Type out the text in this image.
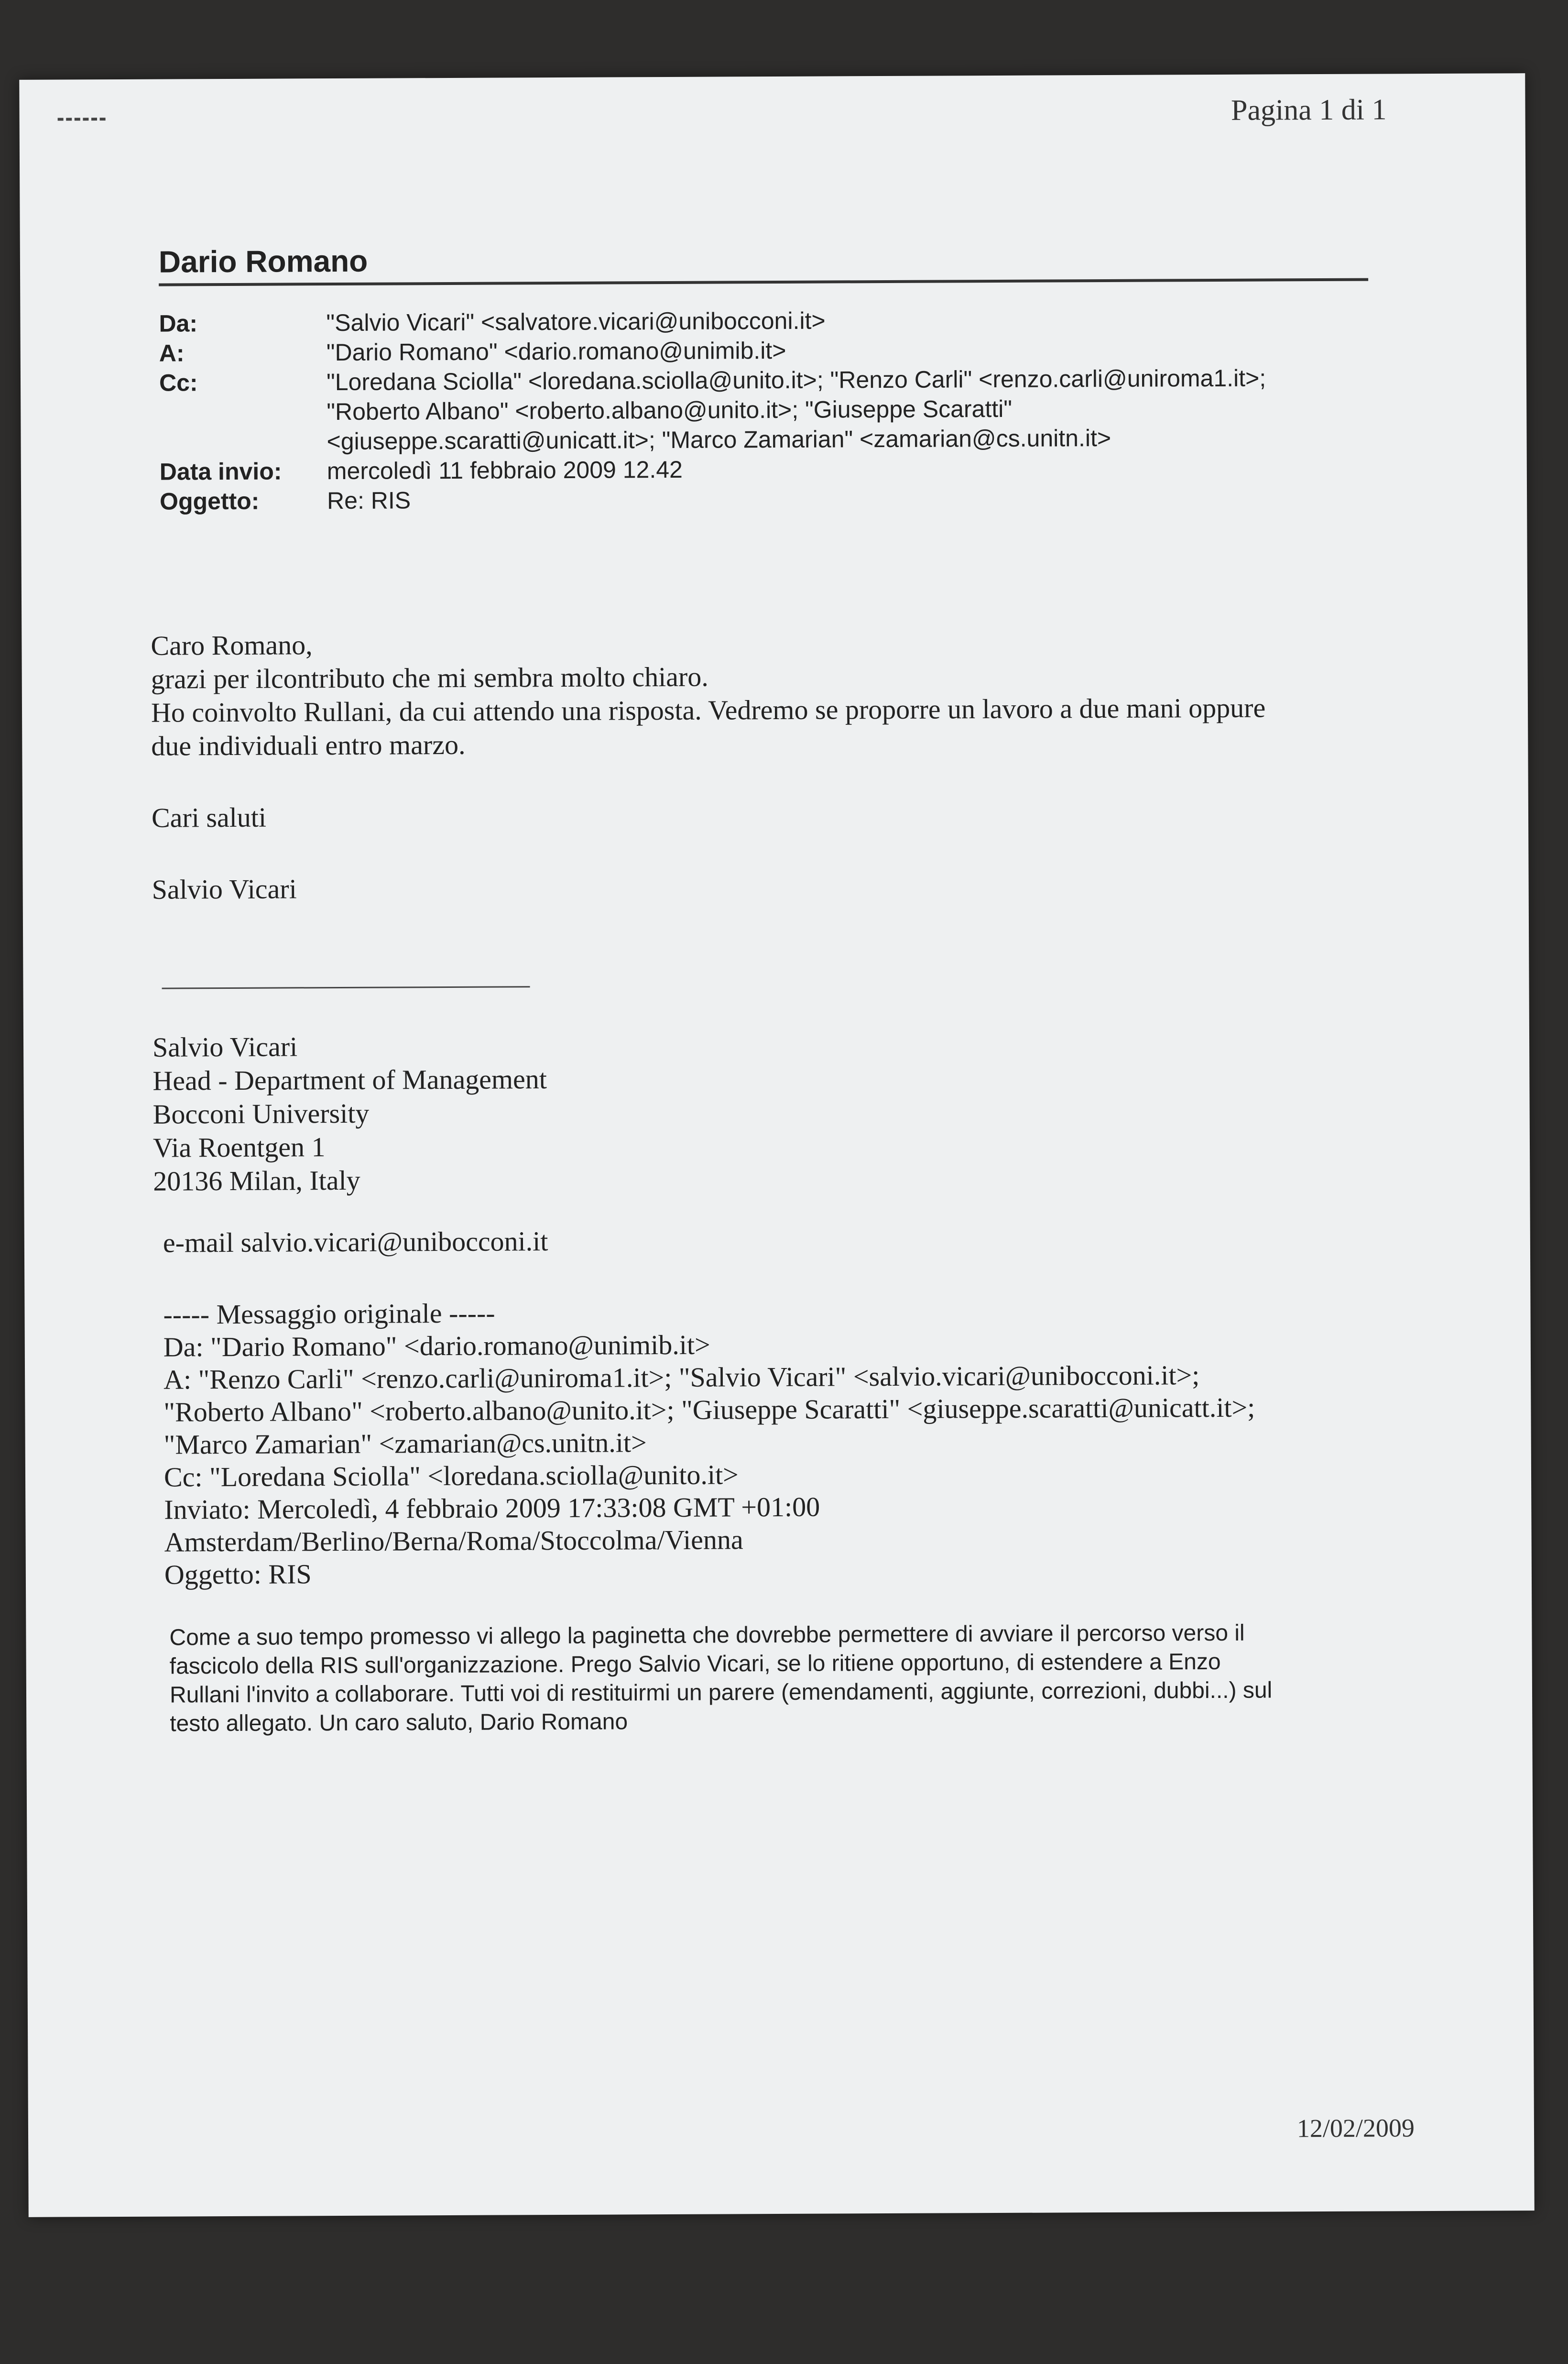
Pagina 1 di 1
Dario Romano
Da:	"Salvio Vicari" <salvatore.vicari@unibocconi.it>
A:	"Dario Romano" <dario.romano@unimib.it>
Cc:	"Loredana Sciolla" <loredana.sciolla@unito.it>; "Renzo Carli" <renzo.carli@uniroma1.it>;
"Roberto Albano" <roberto.albano@unito.it>; "Giuseppe Scaratti"
<giuseppe.scaratti@unicatt.it>; "Marco Zamarian" <zamarian@cs.unitn.it>
Data invio:	mercoledì 11 febbraio 2009 12.42
Oggetto:	Re: RIS
Caro Romano,
grazi per ilcontributo che mi sembra molto chiaro.
Ho coinvolto Rullani, da cui attendo una risposta. Vedremo se proporre un lavoro a due mani oppure
due individuali entro marzo.
Cari saluti
Salvio Vicari
Salvio Vicari
Head - Department of Management
Bocconi University
Via Roentgen 1
20136 Milan, Italy
e-mail salvio.vicari@unibocconi.it
----- Messaggio originale -----
Da: "Dario Romano" <dario.romano@unimib.it>
A: "Renzo Carli" <renzo.carli@uniroma1.it>; "Salvio Vicari" <salvio.vicari@unibocconi.it>;
"Roberto Albano" <roberto.albano@unito.it>; "Giuseppe Scaratti" <giuseppe.scaratti@unicatt.it>;
"Marco Zamarian" <zamarian@cs.unitn.it>
Cc: "Loredana Sciolla" <loredana.sciolla@unito.it>
Inviato: Mercoledì, 4 febbraio 2009 17:33:08 GMT +01:00
Amsterdam/Berlino/Berna/Roma/Stoccolma/Vienna
Oggetto: RIS
Come a suo tempo promesso vi allego la paginetta che dovrebbe permettere di avviare il percorso verso il
fascicolo della RIS sull'organizzazione. Prego Salvio Vicari, se lo ritiene opportuno, di estendere a Enzo
Rullani l'invito a collaborare. Tutti voi di restituirmi un parere (emendamenti, aggiunte, correzioni, dubbi...) sul
testo allegato. Un caro saluto, Dario Romano
12/02/2009
